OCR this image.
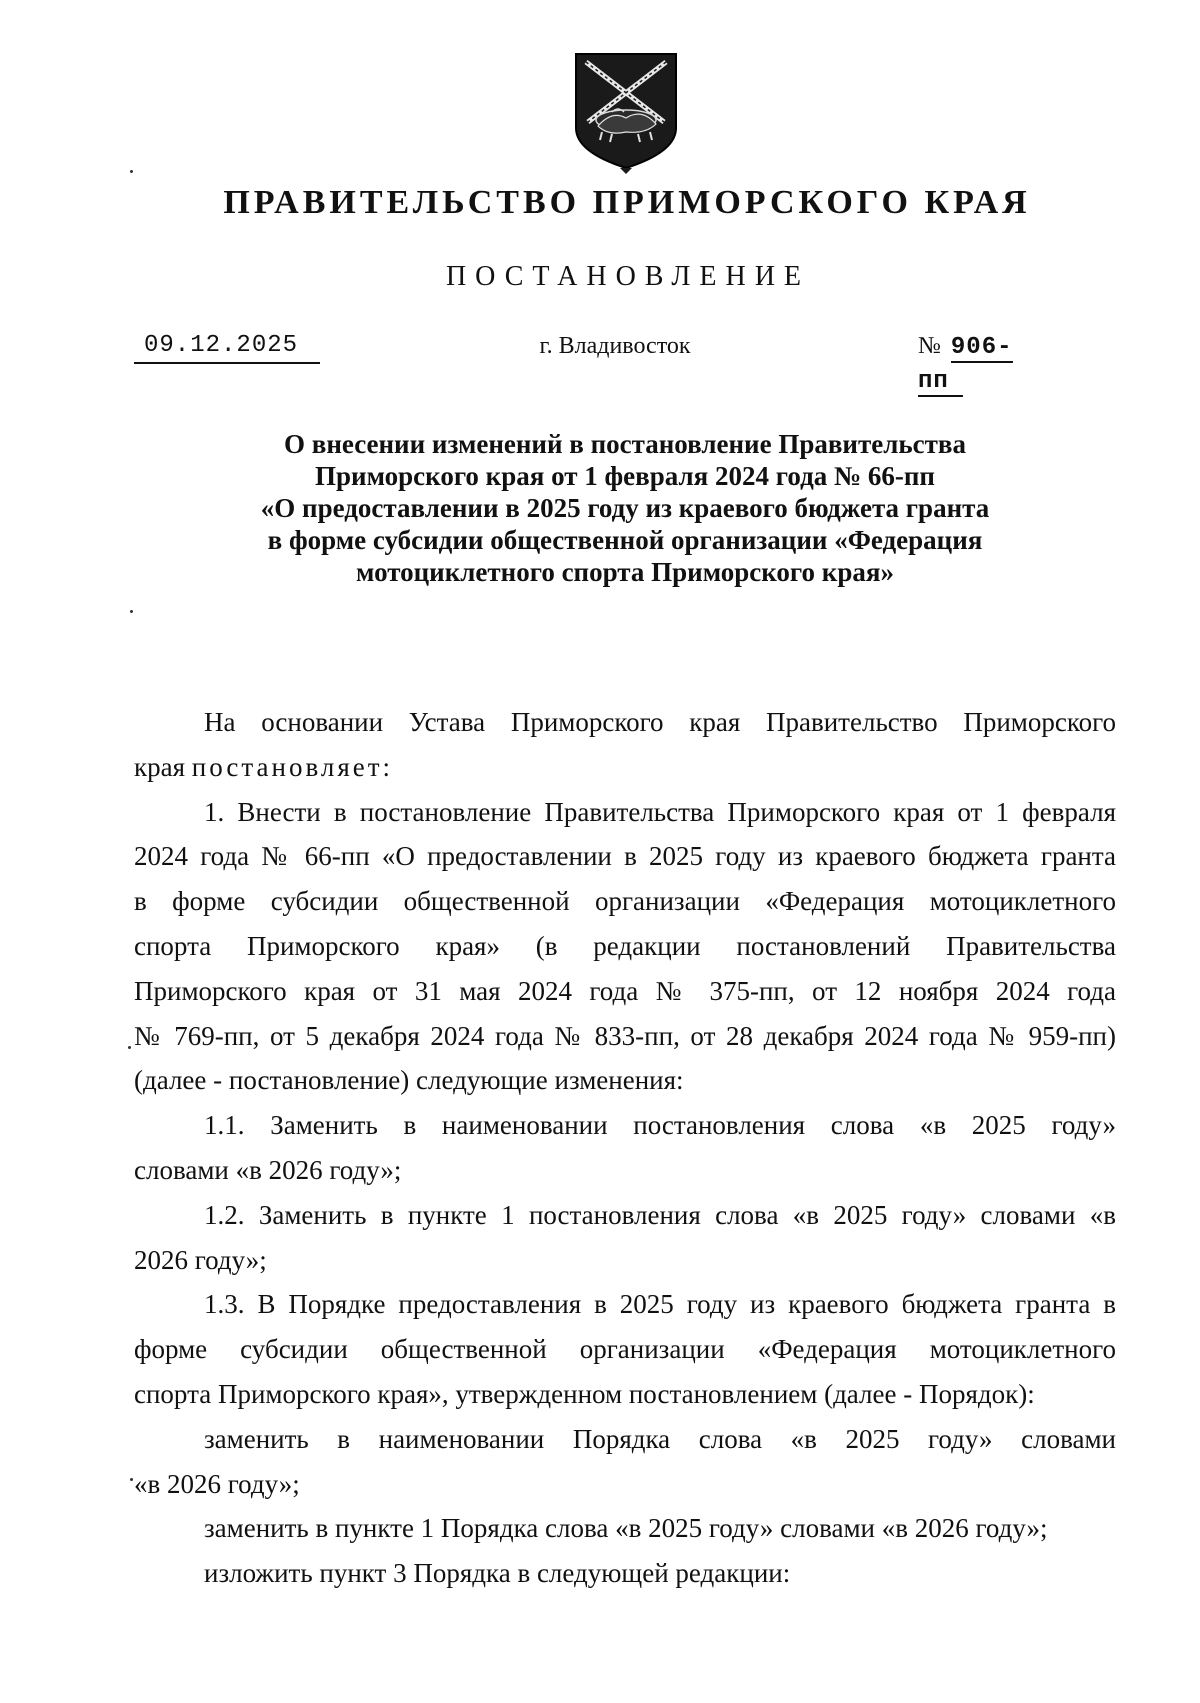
ПРАВИТЕЛЬСТВО ПРИМОРСКОГО КРАЯ
ПОСТАНОВЛЕНИЕ
09.12.2025	г. Владивосток	№ 906-пп
О внесении изменений в постановление Правительства
Приморского края от 1 февраля 2024 года № 66-пп
«О предоставлении в 2025 году из краевого бюджета гранта
в форме субсидии общественной организации «Федерация
мотоциклетного спорта Приморского края»
На основании Устава Приморского края Правительство Приморского
края постановляет:
1. Внести в постановление Правительства Приморского края от 1 февраля
2024 года № 66-пп «О предоставлении в 2025 году из краевого бюджета гранта
в форме субсидии общественной организации «Федерация мотоциклетного
спорта Приморского края» (в редакции постановлений Правительства
Приморского края от 31 мая 2024 года № 375-пп, от 12 ноября 2024 года
№ 769-пп, от 5 декабря 2024 года № 833-пп, от 28 декабря 2024 года № 959-пп)
(далее - постановление) следующие изменения:
1.1. Заменить в наименовании постановления слова «в 2025 году»
словами «в 2026 году»;
1.2. Заменить в пункте 1 постановления слова «в 2025 году» словами «в
2026 году»;
1.3. В Порядке предоставления в 2025 году из краевого бюджета гранта в
форме субсидии общественной организации «Федерация мотоциклетного
спорта Приморского края», утвержденном постановлением (далее - Порядок):
заменить в наименовании Порядка слова «в 2025 году» словами
«в 2026 году»;
заменить в пункте 1 Порядка слова «в 2025 году» словами «в 2026 году»;
изложить пункт 3 Порядка в следующей редакции:
